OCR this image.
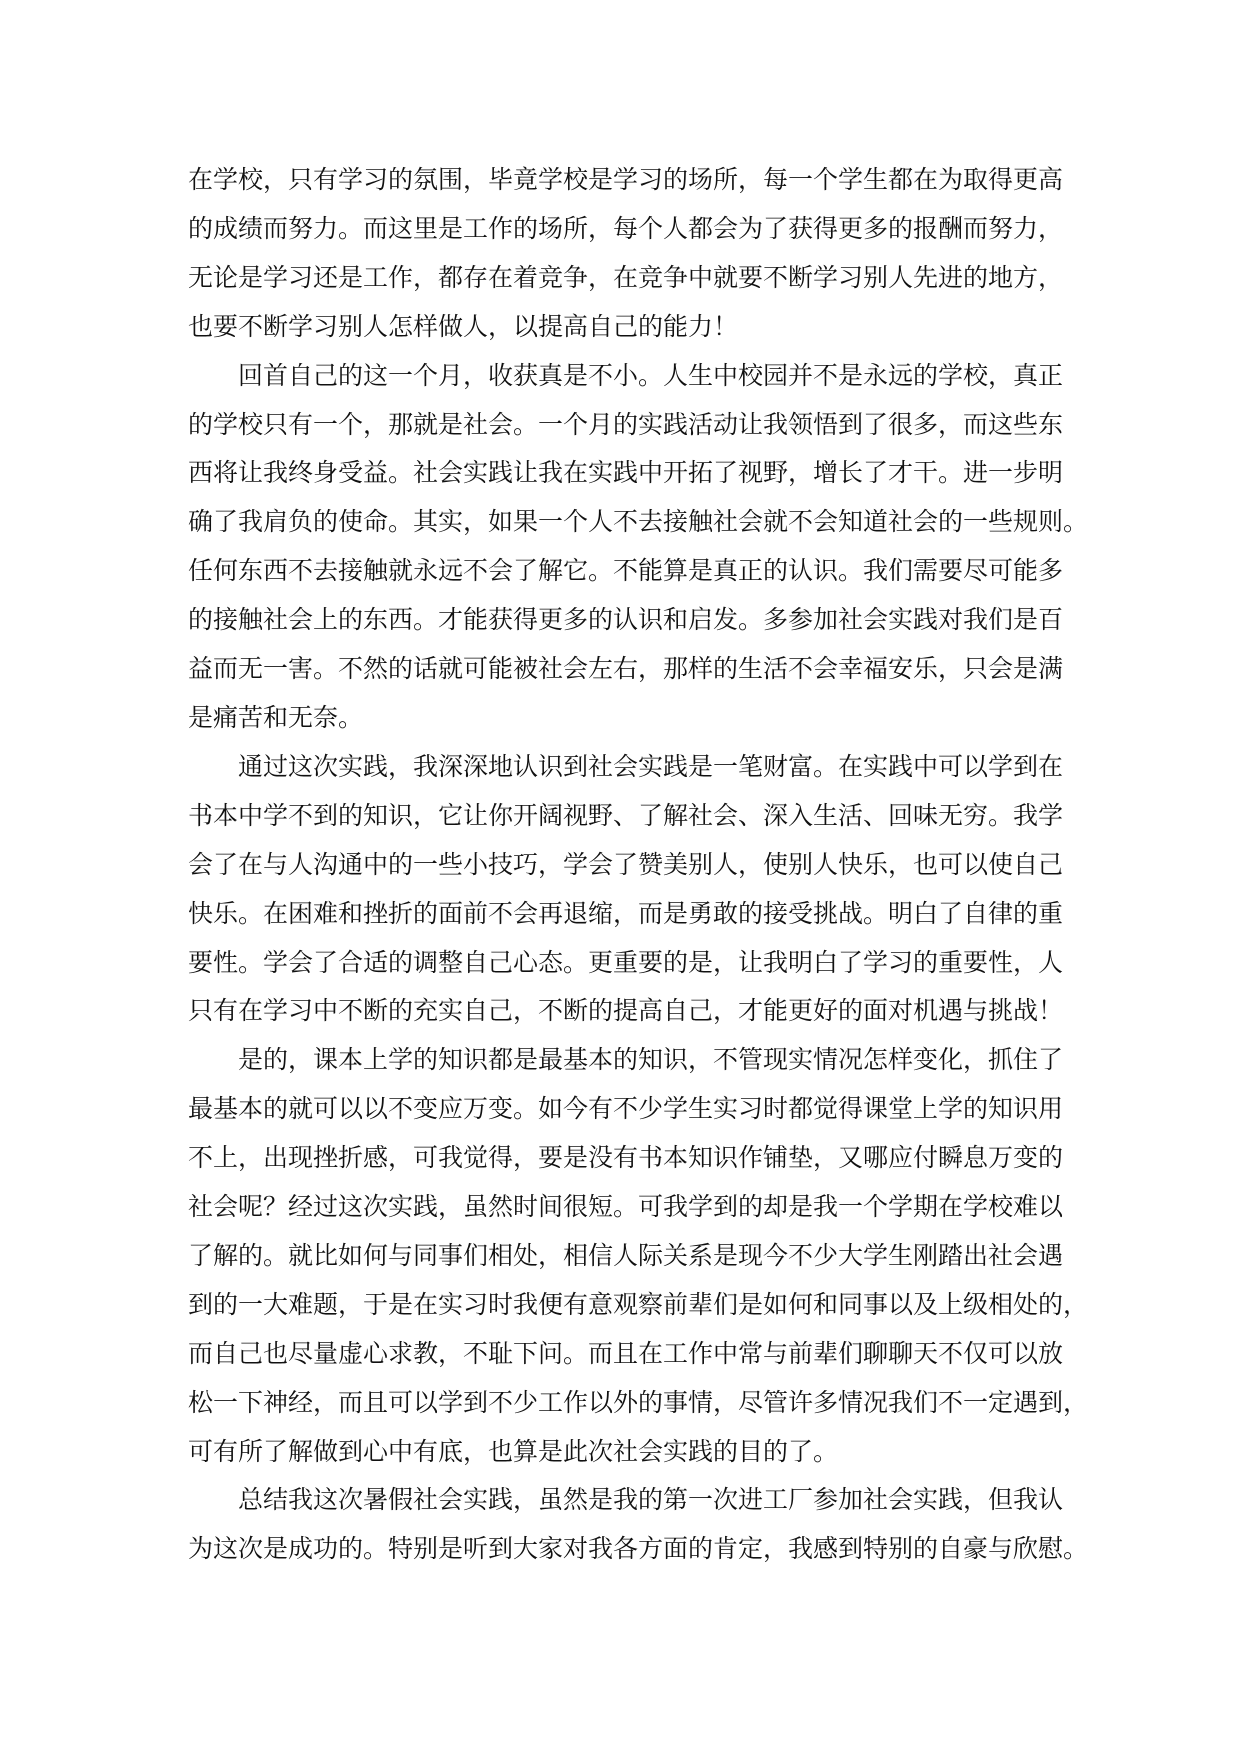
在学校，只有学习的氛围，毕竟学校是学习的场所，每一个学生都在为取得更高
的成绩而努力。而这里是工作的场所，每个人都会为了获得更多的报酬而努力，
无论是学习还是工作，都存在着竞争，在竞争中就要不断学习别人先进的地方，
也要不断学习别人怎样做人，以提高自己的能力！

回首自己的这一个月，收获真是不小。人生中校园并不是永远的学校，真正
的学校只有一个，那就是社会。一个月的实践活动让我领悟到了很多，而这些东
西将让我终身受益。社会实践让我在实践中开拓了视野，增长了才干。进一步明
确了我肩负的使命。其实，如果一个人不去接触社会就不会知道社会的一些规则。
任何东西不去接触就永远不会了解它。不能算是真正的认识。我们需要尽可能多
的接触社会上的东西。才能获得更多的认识和启发。多参加社会实践对我们是百
益而无一害。不然的话就可能被社会左右，那样的生活不会幸福安乐，只会是满
是痛苦和无奈。

通过这次实践，我深深地认识到社会实践是一笔财富。在实践中可以学到在
书本中学不到的知识，它让你开阔视野、了解社会、深入生活、回味无穷。我学
会了在与人沟通中的一些小技巧，学会了赞美别人，使别人快乐，也可以使自己
快乐。在困难和挫折的面前不会再退缩，而是勇敢的接受挑战。明白了自律的重
要性。学会了合适的调整自己心态。更重要的是，让我明白了学习的重要性，人
只有在学习中不断的充实自己，不断的提高自己，才能更好的面对机遇与挑战！

是的，课本上学的知识都是最基本的知识，不管现实情况怎样变化，抓住了
最基本的就可以以不变应万变。如今有不少学生实习时都觉得课堂上学的知识用
不上，出现挫折感，可我觉得，要是没有书本知识作铺垫，又哪应付瞬息万变的
社会呢？经过这次实践，虽然时间很短。可我学到的却是我一个学期在学校难以
了解的。就比如何与同事们相处，相信人际关系是现今不少大学生刚踏出社会遇
到的一大难题，于是在实习时我便有意观察前辈们是如何和同事以及上级相处的，
而自己也尽量虚心求教，不耻下问。而且在工作中常与前辈们聊聊天不仅可以放
松一下神经，而且可以学到不少工作以外的事情，尽管许多情况我们不一定遇到，
可有所了解做到心中有底，也算是此次社会实践的目的了。

总结我这次暑假社会实践，虽然是我的第一次进工厂参加社会实践，但我认
为这次是成功的。特别是听到大家对我各方面的肯定，我感到特别的自豪与欣慰。
